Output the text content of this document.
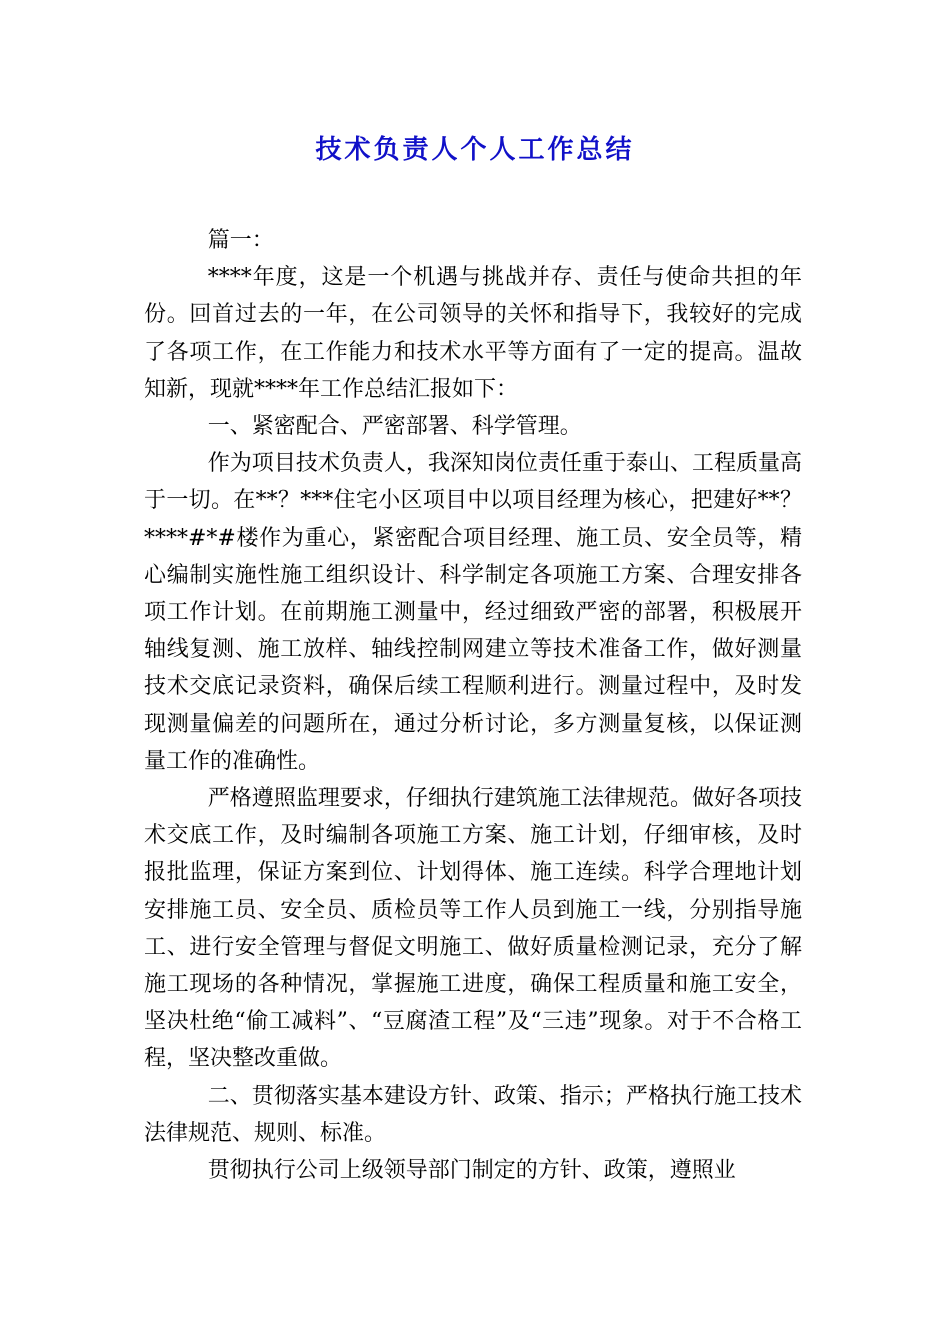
技术负责人个人工作总结

篇一：

****年度，这是一个机遇与挑战并存、责任与使命共担的年份。回首过去的一年，在公司领导的关怀和指导下，我较好的完成了各项工作，在工作能力和技术水平等方面有了一定的提高。温故知新，现就****年工作总结汇报如下：

一、紧密配合、严密部署、科学管理。

作为项目技术负责人，我深知岗位责任重于泰山、工程质量高于一切。在**？***住宅小区项目中以项目经理为核心，把建好**？****#*#楼作为重心，紧密配合项目经理、施工员、安全员等，精心编制实施性施工组织设计、科学制定各项施工方案、合理安排各项工作计划。在前期施工测量中，经过细致严密的部署，积极展开轴线复测、施工放样、轴线控制网建立等技术准备工作，做好测量技术交底记录资料，确保后续工程顺利进行。测量过程中，及时发现测量偏差的问题所在，通过分析讨论，多方测量复核，以保证测量工作的准确性。

严格遵照监理要求，仔细执行建筑施工法律规范。做好各项技术交底工作，及时编制各项施工方案、施工计划，仔细审核，及时报批监理，保证方案到位、计划得体、施工连续。科学合理地计划安排施工员、安全员、质检员等工作人员到施工一线，分别指导施工、进行安全管理与督促文明施工、做好质量检测记录，充分了解施工现场的各种情况，掌握施工进度，确保工程质量和施工安全，坚决杜绝“偷工减料”、“豆腐渣工程”及“三违”现象。对于不合格工程，坚决整改重做。

二、贯彻落实基本建设方针、政策、指示；严格执行施工技术法律规范、规则、标准。

贯彻执行公司上级领导部门制定的方针、政策，遵照业
